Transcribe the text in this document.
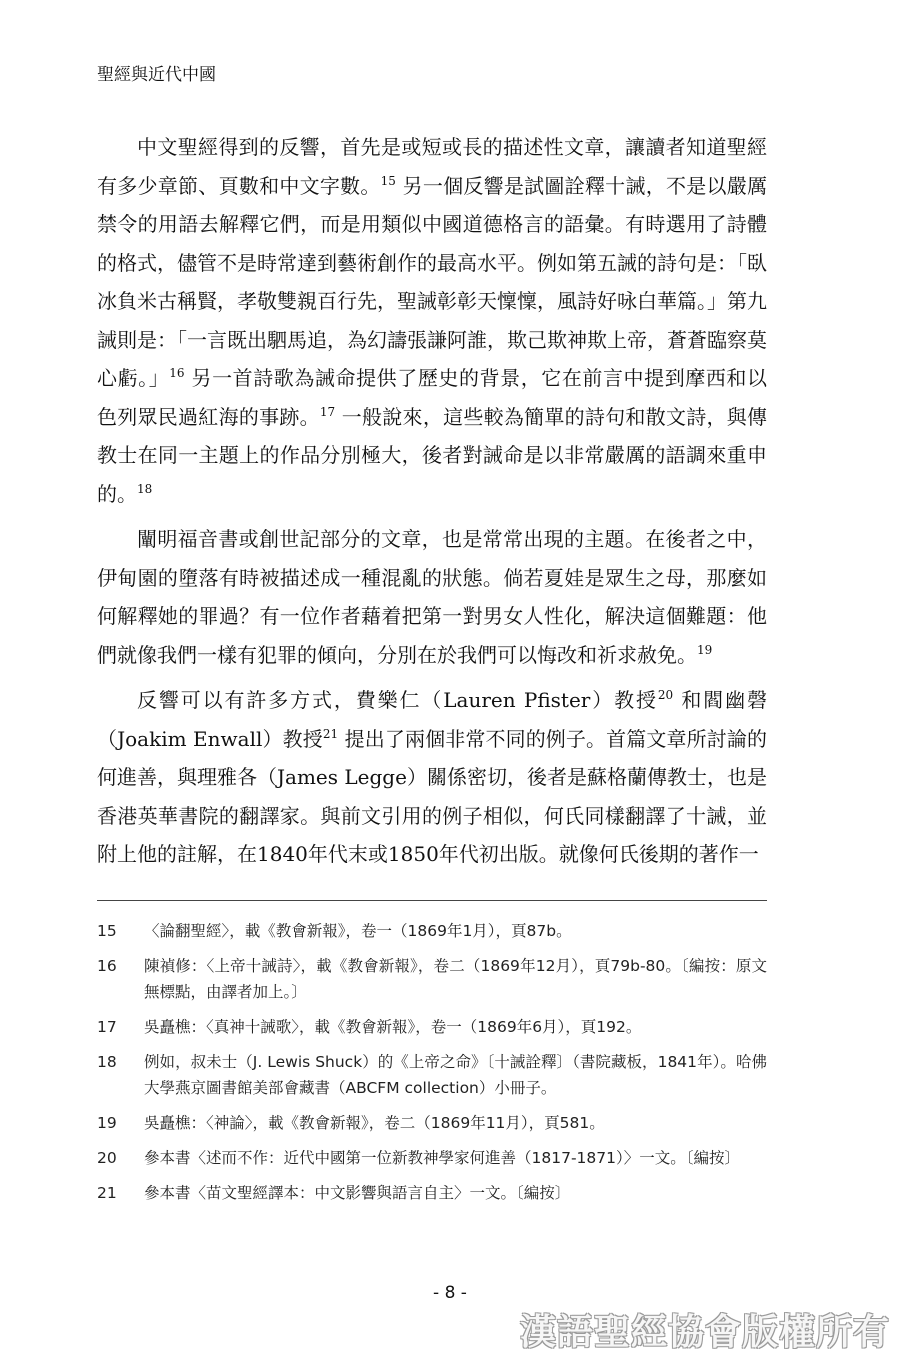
聖經與近代中國

中文聖經得到的反響，首先是或短或長的描述性文章，讓讀者知道聖經有多少章節、頁數和中文字數。$^{15}$ 另一個反響是試圖詮釋十誡，不是以嚴厲禁令的用語去解釋它們，而是用類似中國道德格言的語彙。有時選用了詩體的格式，儘管不是時常達到藝術創作的最高水平。例如第五誡的詩句是：「臥冰負米古稱賢，孝敬雙親百行先，聖誡彰彰天懍懍，風詩好咏白華篇。」第九誡則是：「一言既出駟馬追，為幻譸張謙阿誰，欺己欺神欺上帝，蒼蒼臨察莫心虧。」$^{16}$ 另一首詩歌為誡命提供了歷史的背景，它在前言中提到摩西和以色列眾民過紅海的事跡。$^{17}$ 一般說來，這些較為簡單的詩句和散文詩，與傳教士在同一主題上的作品分別極大，後者對誡命是以非常嚴厲的語調來重申的。$^{18}$

闡明福音書或創世記部分的文章，也是常常出現的主題。在後者之中，伊甸園的墮落有時被描述成一種混亂的狀態。倘若夏娃是眾生之母，那麼如何解釋她的罪過？有一位作者藉着把第一對男女人性化，解決這個難題：他們就像我們一樣有犯罪的傾向，分別在於我們可以悔改和祈求赦免。$^{19}$

反響可以有許多方式，費樂仁（Lauren Pfister）教授$^{20}$ 和閻幽磬（Joakim Enwall）教授$^{21}$ 提出了兩個非常不同的例子。首篇文章所討論的何進善，與理雅各（James Legge）關係密切，後者是蘇格蘭傳教士，也是香港英華書院的翻譯家。與前文引用的例子相似，何氏同樣翻譯了十誡，並附上他的註解，在1840年代末或1850年代初出版。就像何氏後期的著作一

15	〈論翻聖經〉，載《教會新報》，卷一（1869年1月），頁87b。
16	陳禎修：〈上帝十誡詩〉，載《教會新報》，卷二（1869年12月），頁79b-80。〔編按：原文無標點，由譯者加上。〕
17	吳矗樵：〈真神十誡歌〉，載《教會新報》，卷一（1869年6月），頁192。
18	例如，叔未士（J. Lewis Shuck）的《上帝之命》〔十誡詮釋〕（書院藏板，1841年）。哈佛大學燕京圖書館美部會藏書（ABCFM collection）小冊子。
19	吳矗樵：〈神論〉，載《教會新報》，卷二（1869年11月），頁581。
20	參本書〈述而不作：近代中國第一位新教神學家何進善（1817-1871）〉一文。〔編按〕
21	參本書〈苗文聖經譯本：中文影響與語言自主〉一文。〔編按〕
- 8 -
漢語聖經協會版權所有
